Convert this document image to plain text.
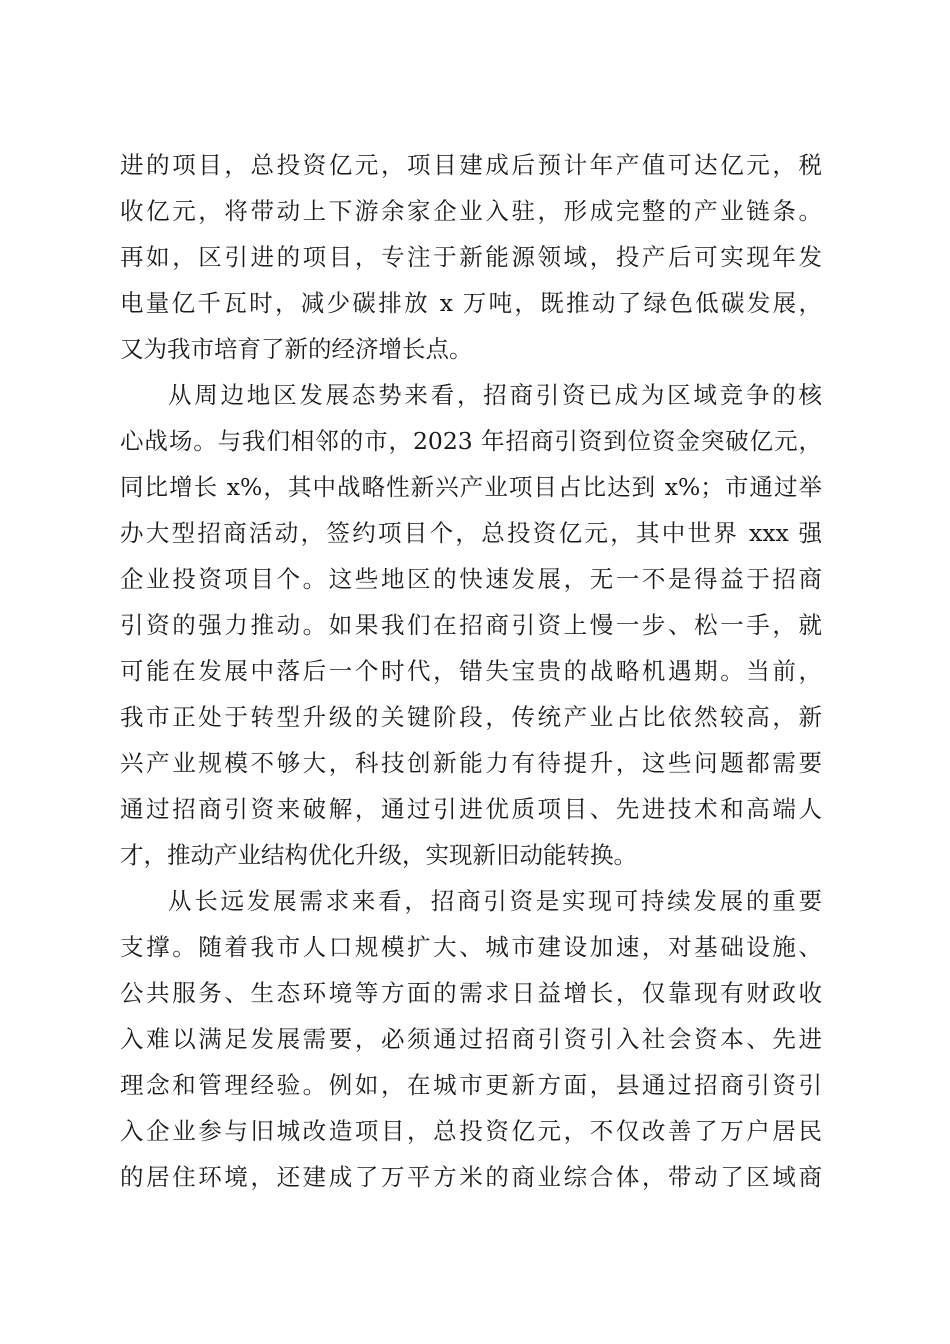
进的项目，总投资亿元，项目建成后预计年产值可达亿元，税
收亿元，将带动上下游余家企业入驻，形成完整的产业链条。
再如，区引进的项目，专注于新能源领域，投产后可实现年发
电量亿千瓦时，减少碳排放 x 万吨，既推动了绿色低碳发展，
又为我市培育了新的经济增长点。
从周边地区发展态势来看，招商引资已成为区域竞争的核
心战场。与我们相邻的市，2023 年招商引资到位资金突破亿元，
同比增长 x%，其中战略性新兴产业项目占比达到 x%；市通过举
办大型招商活动，签约项目个，总投资亿元，其中世界 xxx 强
企业投资项目个。这些地区的快速发展，无一不是得益于招商
引资的强力推动。如果我们在招商引资上慢一步、松一手，就
可能在发展中落后一个时代，错失宝贵的战略机遇期。当前，
我市正处于转型升级的关键阶段，传统产业占比依然较高，新
兴产业规模不够大，科技创新能力有待提升，这些问题都需要
通过招商引资来破解，通过引进优质项目、先进技术和高端人
才，推动产业结构优化升级，实现新旧动能转换。
从长远发展需求来看，招商引资是实现可持续发展的重要
支撑。随着我市人口规模扩大、城市建设加速，对基础设施、
公共服务、生态环境等方面的需求日益增长，仅靠现有财政收
入难以满足发展需要，必须通过招商引资引入社会资本、先进
理念和管理经验。例如，在城市更新方面，县通过招商引资引
入企业参与旧城改造项目，总投资亿元，不仅改善了万户居民
的居住环境，还建成了万平方米的商业综合体，带动了区域商
